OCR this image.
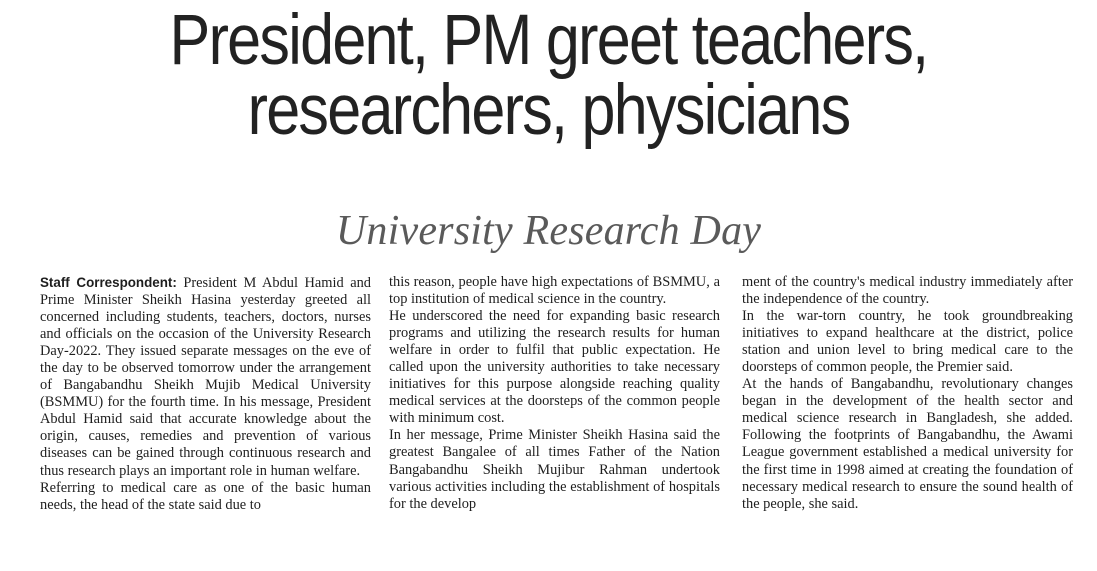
President, PM greet teachers,
researchers, physicians
University Research Day

Staff Correspondent: President M Abdul Hamid and Prime Minister Sheikh Hasina yesterday greeted all concerned including students, teachers, doctors, nurses and officials on the occasion of the University Research Day-2022. They issued separate messages on the eve of the day to be observed tomorrow under the arrangement of Bangabandhu Sheikh Mujib Medical University (BSMMU) for the fourth time. In his message, President Abdul Hamid said that accurate knowledge about the origin, causes, remedies and prevention of various diseases can be gained through continuous research and thus research plays an important role in human welfare.

Referring to medical care as one of the basic human needs, the head of the state said due to

this reason, people have high expectations of BSMMU, a top institution of medical science in the country.

He underscored the need for expanding basic research programs and utilizing the research results for human welfare in order to fulfil that public expectation. He called upon the university authorities to take necessary initiatives for this purpose alongside reaching quality medical services at the doorsteps of the common people with minimum cost.

In her message, Prime Minister Sheikh Hasina said the greatest Bangalee of all times Father of the Nation Bangabandhu Sheikh Mujibur Rahman undertook various activities including the establishment of hospitals for the develop

ment of the country's medical industry immediately after the independence of the country.

In the war-torn country, he took groundbreaking initiatives to expand healthcare at the district, police station and union level to bring medical care to the doorsteps of common people, the Premier said.

At the hands of Bangabandhu, revolutionary changes began in the development of the health sector and medical science research in Bangladesh, she added. Following the footprints of Bangabandhu, the Awami League government established a medical university for the first time in 1998 aimed at creating the foundation of necessary medical research to ensure the sound health of the people, she said.
